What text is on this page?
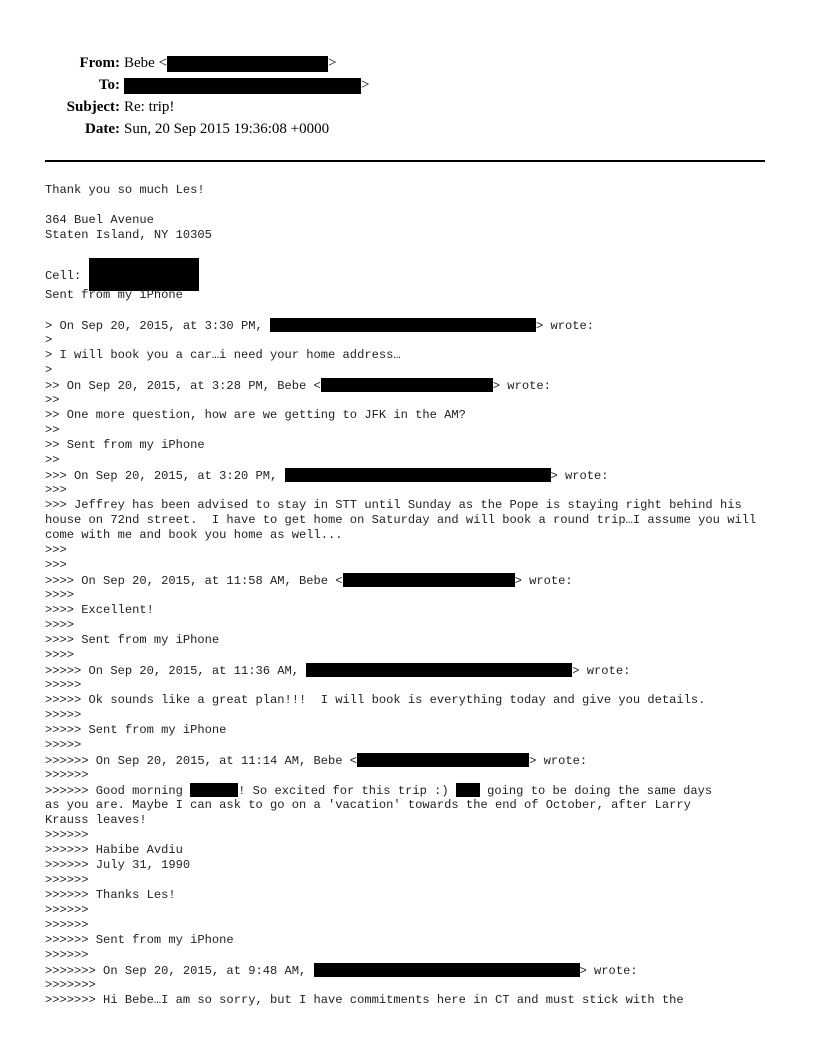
From: Bebe <	>
To:	>
Subject: Re: trip!
Date: Sun, 20 Sep 2015 19:36:08 +0000
Thank you so much Les!
364 Buel Avenue
Staten Island, NY 10305
Cell:
Sent from my iPhone
> On Sep 20, 2015, at 3:30 PM,	> wrote:
>
> I will book you a car…i need your home address…
>
>> On Sep 20, 2015, at 3:28 PM, Bebe <	> wrote:
>>
>> One more question, how are we getting to JFK in the AM?
>>
>> Sent from my iPhone
>>
>>> On Sep 20, 2015, at 3:20 PM,	> wrote:
>>>
>>> Jeffrey has been advised to stay in STT until Sunday as the Pope is staying right behind his house on 72nd street.  I have to get home on Saturday and will book a round trip…I assume you will come with me and book you home as well...
>>>
>>>
>>>> On Sep 20, 2015, at 11:58 AM, Bebe <	> wrote:
>>>>
>>>> Excellent!
>>>>
>>>> Sent from my iPhone
>>>>
>>>>> On Sep 20, 2015, at 11:36 AM,	> wrote:
>>>>>
>>>>> Ok sounds like a great plan!!!  I will book is everything today and give you details.
>>>>>
>>>>> Sent from my iPhone
>>>>>
>>>>>> On Sep 20, 2015, at 11:14 AM, Bebe <	> wrote:
>>>>>>
>>>>>> Good morning	! So excited for this trip :)  going to be doing the same days
as you are. Maybe I can ask to go on a 'vacation' towards the end of October, after Larry
Krauss leaves!
>>>>>>
>>>>>> Habibe Avdiu
>>>>>> July 31, 1990
>>>>>>
>>>>>> Thanks Les!
>>>>>>
>>>>>>
>>>>>> Sent from my iPhone
>>>>>>
>>>>>>> On Sep 20, 2015, at 9:48 AM,	> wrote:
>>>>>>>
>>>>>>> Hi Bebe…I am so sorry, but I have commitments here in CT and must stick with the
